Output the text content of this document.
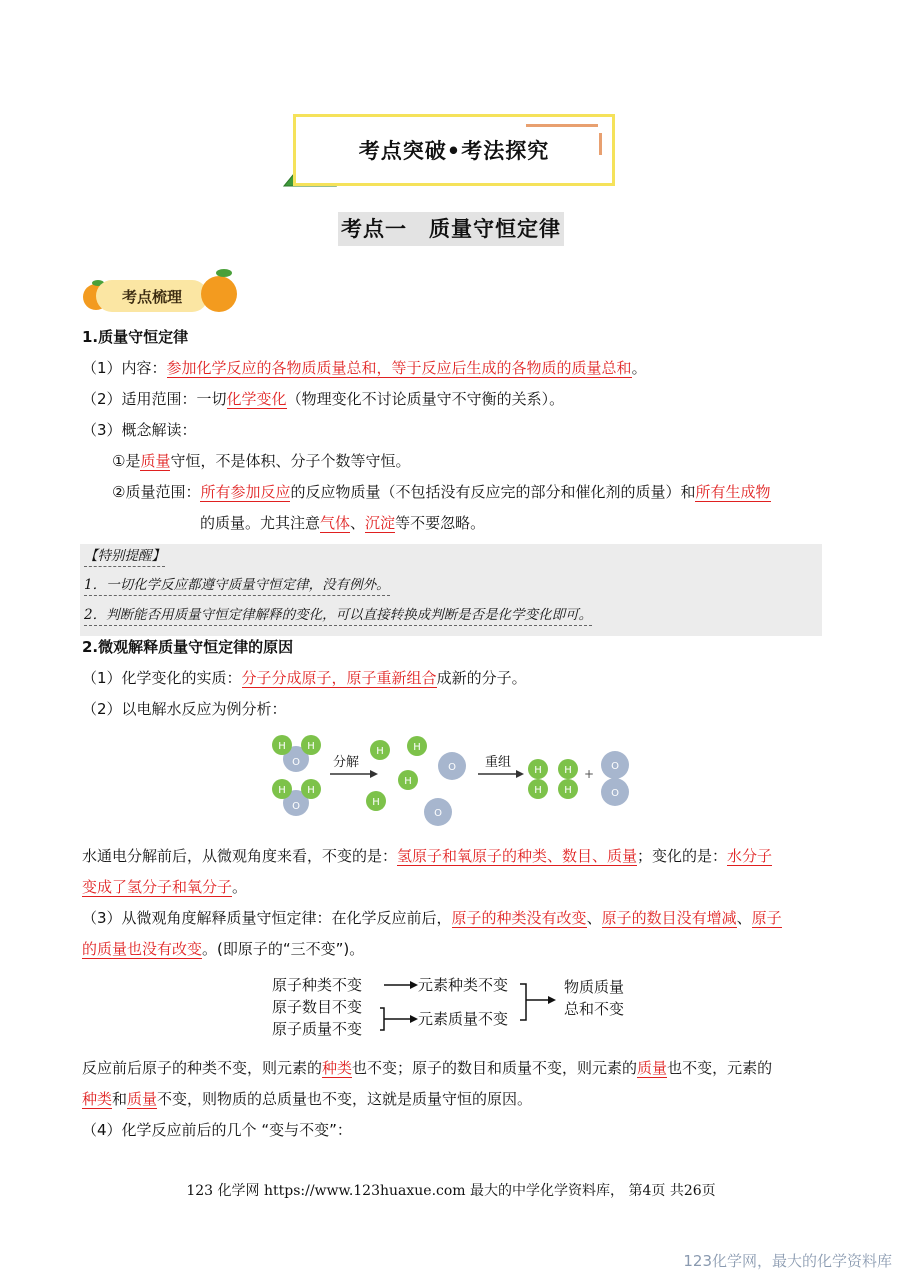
考点突破•考法探究
考点一　质量守恒定律
考点梳理
1.质量守恒定律
（1）内容：参加化学反应的各物质质量总和，等于反应后生成的各物质的质量总和。
（2）适用范围：一切化学变化（物理变化不讨论质量守不守衡的关系）。
（3）概念解读：
①是质量守恒，不是体积、分子个数等守恒。
②质量范围：所有参加反应的反应物质量（不包括没有反应完的部分和催化剂的质量）和所有生成物
的质量。尤其注意气体、沉淀等不要忽略。
【特别提醒】
1．一切化学反应都遵守质量守恒定律，没有例外。
2．判断能否用质量守恒定律解释的变化，可以直接转换成判断是否是化学变化即可。
2.微观解释质量守恒定律的原因
（1）化学变化的实质：分子分成原子，原子重新组合成新的分子。
（2）以电解水反应为例分析：
H H
O
H H
O
分解
H	H
H
H
O
O
重组
H
H
H
H
+
O
O
水通电分解前后，从微观角度来看，不变的是：氢原子和氧原子的种类、数目、质量；变化的是：水分子
变成了氢分子和氧分子。
（3）从微观角度解释质量守恒定律：在化学反应前后，原子的种类没有改变、原子的数目没有增减、原子
的质量也没有改变。(即原子的“三不变”)。
原子种类不变
原子数目不变
原子质量不变
元素种类不变
元素质量不变
物质质量
总和不变
反应前后原子的种类不变，则元素的种类也不变；原子的数目和质量不变，则元素的质量也不变，元素的
种类和质量不变，则物质的总质量也不变，这就是质量守恒的原因。
（4）化学反应前后的几个 “变与不变”：
123 化学网 https://www.123huaxue.com 最大的中学化学资料库， 第4页 共26页
123化学网，最大的化学资料库
